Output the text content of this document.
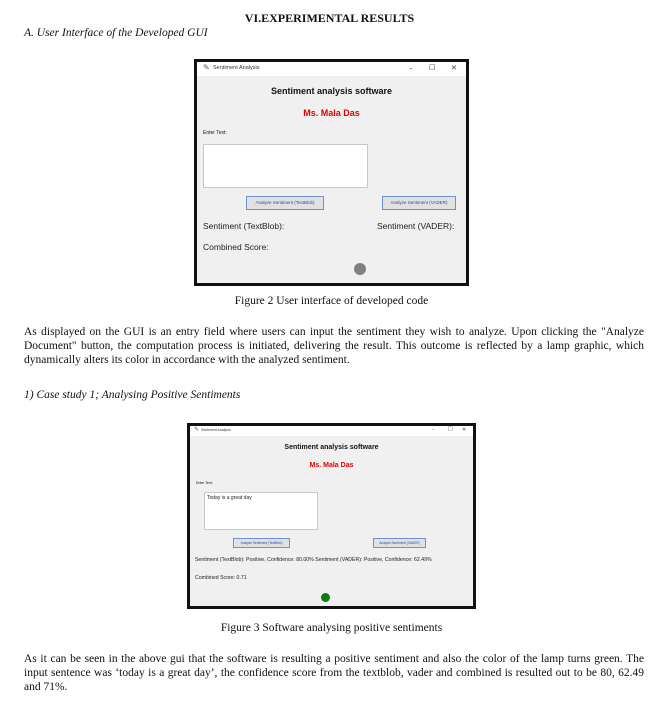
VI.EXPERIMENTAL RESULTS
A. User Interface of the Developed GUI
✎ Sentiment Analysis	– □ ✕
Sentiment analysis software
Ms. Mala Das
Enter Text:
Analyze Sentiment (TextBlob)	Analyze Sentiment (VADER)
Sentiment (TextBlob):	Sentiment (VADER):
Combined Score:
Figure 2 User interface of developed code
As displayed on the GUI is an entry field where users can input the sentiment they wish to analyze. Upon clicking the "Analyze
Document" button, the computation process is initiated, delivering the result. This outcome is reflected by a lamp graphic, which
dynamically alters its color in accordance with the analyzed sentiment.
1) Case study 1; Analysing Positive Sentiments
✎ Sentiment Analysis	–	□ ✕
Sentiment analysis software
Ms. Mala Das
Enter Text:
Today is a great day
Analyze Sentiment (TextBlob)	Analyze Sentiment (VADER)
Sentiment (TextBlob): Positive, Confidence: 80.00% Sentiment (VADER): Positive, Confidence: 62.49%
Combined Score: 0.71
Figure 3 Software analysing positive sentiments
As it can be seen in the above gui that the software is resulting a positive sentiment and also the color of the lamp turns green. The
input sentence was ‘today is a great day’, the confidence score from the textblob, vader and combined is resulted out to be 80, 62.49
and 71%.
